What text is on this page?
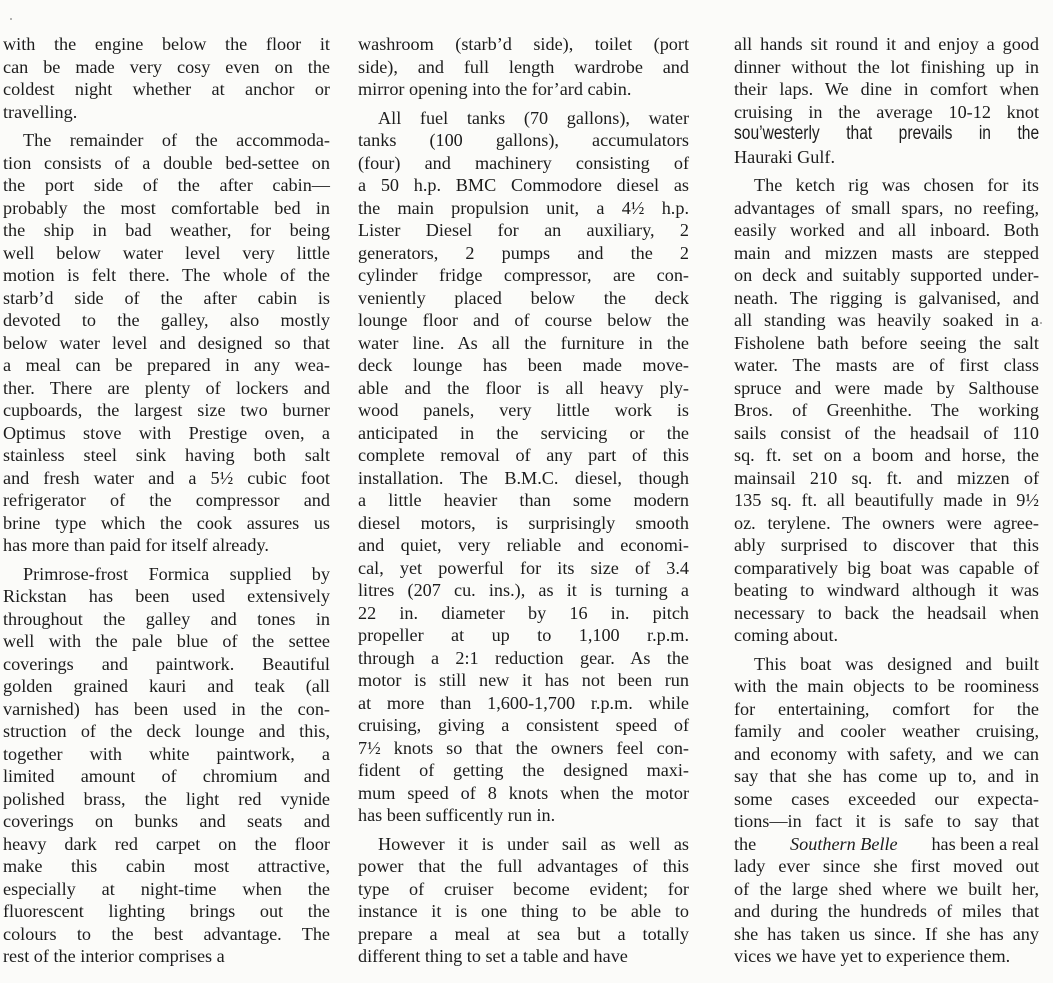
with the engine below the floor it
can be made very cosy even on the
coldest night whether at anchor or
travelling.
The remainder of the accommoda-
tion consists of a double bed-settee on
the port side of the after cabin—
probably the most comfortable bed in
the ship in bad weather, for being
well below water level very little
motion is felt there. The whole of the
starb’d side of the after cabin is
devoted to the galley, also mostly
below water level and designed so that
a meal can be prepared in any wea-
ther. There are plenty of lockers and
cupboards, the largest size two burner
Optimus stove with Prestige oven, a
stainless steel sink having both salt
and fresh water and a 5½ cubic foot
refrigerator of the compressor and
brine type which the cook assures us
has more than paid for itself already.
Primrose-frost Formica supplied by
Rickstan has been used extensively
throughout the galley and tones in
well with the pale blue of the settee
coverings and paintwork. Beautiful
golden grained kauri and teak (all
varnished) has been used in the con-
struction of the deck lounge and this,
together with white paintwork, a
limited amount of chromium and
polished brass, the light red vynide
coverings on bunks and seats and
heavy dark red carpet on the floor
make this cabin most attractive,
especially at night-time when the
fluorescent lighting brings out the
colours to the best advantage. The
rest of the interior comprises a
washroom (starb’d side), toilet (port
side), and full length wardrobe and
mirror opening into the for’ard cabin.
All fuel tanks (70 gallons), water
tanks (100 gallons), accumulators
(four) and machinery consisting of
a 50 h.p. BMC Commodore diesel as
the main propulsion unit, a 4½ h.p.
Lister Diesel for an auxiliary, 2
generators, 2 pumps and the 2
cylinder fridge compressor, are con-
veniently placed below the deck
lounge floor and of course below the
water line. As all the furniture in the
deck lounge has been made move-
able and the floor is all heavy ply-
wood panels, very little work is
anticipated in the servicing or the
complete removal of any part of this
installation. The B.M.C. diesel, though
a little heavier than some modern
diesel motors, is surprisingly smooth
and quiet, very reliable and economi-
cal, yet powerful for its size of 3.4
litres (207 cu. ins.), as it is turning a
22 in. diameter by 16 in. pitch
propeller at up to 1,100 r.p.m.
through a 2:1 reduction gear. As the
motor is still new it has not been run
at more than 1,600-1,700 r.p.m. while
cruising, giving a consistent speed of
7½ knots so that the owners feel con-
fident of getting the designed maxi-
mum speed of 8 knots when the motor
has been sufficently run in.
However it is under sail as well as
power that the full advantages of this
type of cruiser become evident; for
instance it is one thing to be able to
prepare a meal at sea but a totally
different thing to set a table and have
all hands sit round it and enjoy a good
dinner without the lot finishing up in
their laps. We dine in comfort when
cruising in the average 10-12 knot
sou’westerly that prevails in the
Hauraki Gulf.
The ketch rig was chosen for its
advantages of small spars, no reefing,
easily worked and all inboard. Both
main and mizzen masts are stepped
on deck and suitably supported under-
neath. The rigging is galvanised, and
all standing was heavily soaked in a
Fisholene bath before seeing the salt
water. The masts are of first class
spruce and were made by Salthouse
Bros. of Greenhithe. The working
sails consist of the headsail of 110
sq. ft. set on a boom and horse, the
mainsail 210 sq. ft. and mizzen of
135 sq. ft. all beautifully made in 9½
oz. terylene. The owners were agree-
ably surprised to discover that this
comparatively big boat was capable of
beating to windward although it was
necessary to back the headsail when
coming about.
This boat was designed and built
with the main objects to be roominess
for entertaining, comfort for the
family and cooler weather cruising,
and economy with safety, and we can
say that she has come up to, and in
some cases exceeded our expecta-
tions—in fact it is safe to say that
the Southern Belle has been a real
lady ever since she first moved out
of the large shed where we built her,
and during the hundreds of miles that
she has taken us since. If she has any
vices we have yet to experience them.
